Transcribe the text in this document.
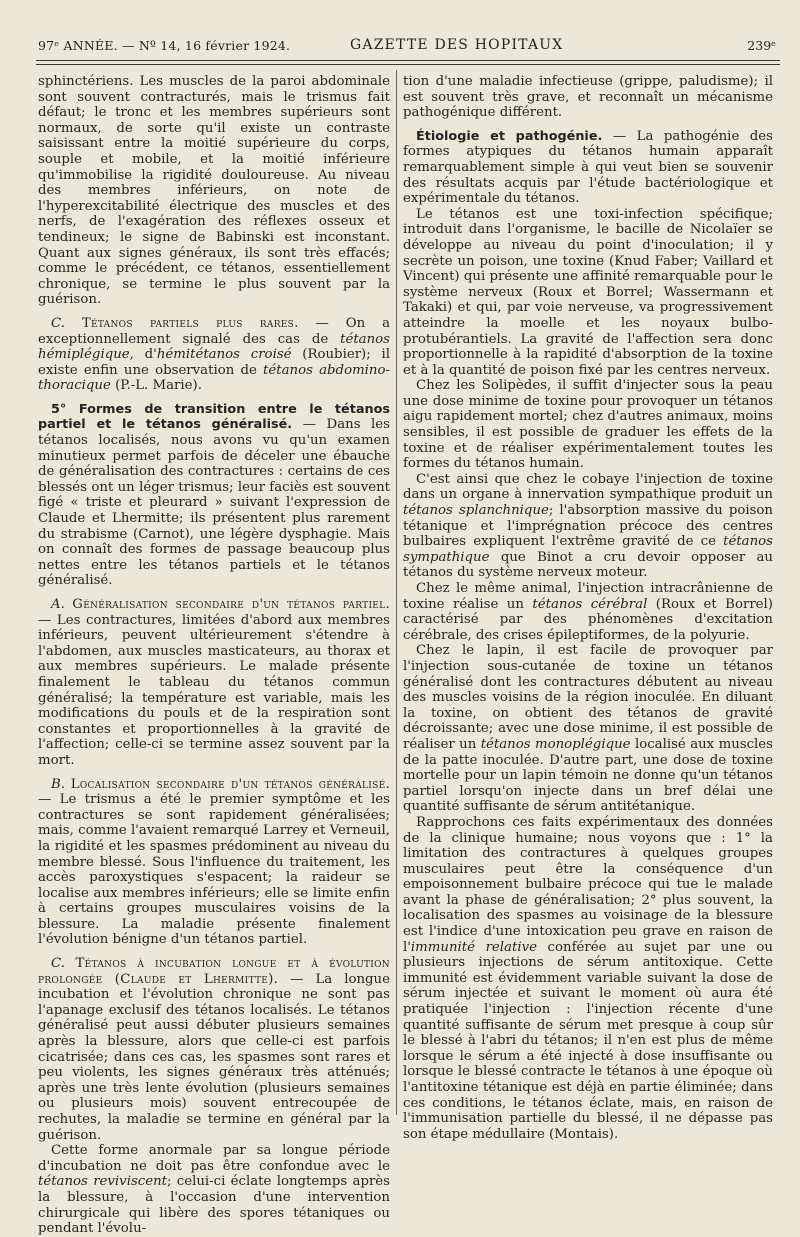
97ᵉ ANNÉE. — Nº 14, 16 février 1924.	GAZETTE DES HOPITAUX	239ᵉ

sphinctériens. Les muscles de la paroi abdominale sont souvent contracturés, mais le trismus fait défaut; le tronc et les membres supérieurs sont normaux, de sorte qu'il existe un contraste saisissant entre la moitié supérieure du corps, souple et mobile, et la moitié inférieure qu'immobilise la rigidité douloureuse. Au niveau des membres inférieurs, on note de l'hyperexcitabilité électrique des muscles et des nerfs, de l'exagération des réflexes osseux et tendineux; le signe de Babinski est inconstant. Quant aux signes généraux, ils sont très effacés; comme le précédent, ce tétanos, essentiellement chronique, se termine le plus souvent par la guérison.

C. Tétanos partiels plus rares. — On a exceptionnellement signalé des cas de tétanos hémiplégique, d'hémitétanos croisé (Roubier); il existe enfin une observation de tétanos abdomino-thoracique (P.-L. Marie).

5° Formes de transition entre le tétanos partiel et le tétanos généralisé. — Dans les tétanos localisés, nous avons vu qu'un examen minutieux permet parfois de déceler une ébauche de généralisation des contractures : certains de ces blessés ont un léger trismus; leur faciès est souvent figé « triste et pleurard » suivant l'expression de Claude et Lhermitte; ils présentent plus rarement du strabisme (Carnot), une légère dysphagie. Mais on connaît des formes de passage beaucoup plus nettes entre les tétanos partiels et le tétanos généralisé.

A. Généralisation secondaire d'un tétanos partiel. — Les contractures, limitées d'abord aux membres inférieurs, peuvent ultérieurement s'étendre à l'abdomen, aux muscles masticateurs, au thorax et aux membres supérieurs. Le malade présente finalement le tableau du tétanos commun généralisé; la température est variable, mais les modifications du pouls et de la respiration sont constantes et proportionnelles à la gravité de l'affection; celle-ci se termine assez souvent par la mort.

B. Localisation secondaire d'un tétanos généralisé. — Le trismus a été le premier symptôme et les contractures se sont rapidement généralisées; mais, comme l'avaient remarqué Larrey et Verneuil, la rigidité et les spasmes prédominent au niveau du membre blessé. Sous l'influence du traitement, les accès paroxystiques s'espacent; la raideur se localise aux membres inférieurs; elle se limite enfin à certains groupes musculaires voisins de la blessure. La maladie présente finalement l'évolution bénigne d'un tétanos partiel.

C. Tétanos à incubation longue et à évolution prolongée (Claude et Lhermitte). — La longue incubation et l'évolution chronique ne sont pas l'apanage exclusif des tétanos localisés. Le tétanos généralisé peut aussi débuter plusieurs semaines après la blessure, alors que celle-ci est parfois cicatrisée; dans ces cas, les spasmes sont rares et peu violents, les signes généraux très atténués; après une très lente évolution (plusieurs semaines ou plusieurs mois) souvent entrecoupée de rechutes, la maladie se termine en général par la guérison.

Cette forme anormale par sa longue période d'incubation ne doit pas être confondue avec le tétanos reviviscent; celui-ci éclate longtemps après la blessure, à l'occasion d'une intervention chirurgicale qui libère des spores tétaniques ou pendant l'évolu-

tion d'une maladie infectieuse (grippe, paludisme); il est souvent très grave, et reconnaît un mécanisme pathogénique différent.

Étiologie et pathogénie. — La pathogénie des formes atypiques du tétanos humain apparaît remarquablement simple à qui veut bien se souvenir des résultats acquis par l'étude bactériologique et expérimentale du tétanos.

Le tétanos est une toxi-infection spécifique; introduit dans l'organisme, le bacille de Nicolaïer se développe au niveau du point d'inoculation; il y secrète un poison, une toxine (Knud Faber; Vaillard et Vincent) qui présente une affinité remarquable pour le système nerveux (Roux et Borrel; Wassermann et Takaki) et qui, par voie nerveuse, va progressivement atteindre la moelle et les noyaux bulbo-protubérantiels. La gravité de l'affection sera donc proportionnelle à la rapidité d'absorption de la toxine et à la quantité de poison fixé par les centres nerveux.

Chez les Solipèdes, il suffit d'injecter sous la peau une dose minime de toxine pour provoquer un tétanos aigu rapidement mortel; chez d'autres animaux, moins sensibles, il est possible de graduer les effets de la toxine et de réaliser expérimentalement toutes les formes du tétanos humain.

C'est ainsi que chez le cobaye l'injection de toxine dans un organe à innervation sympathique produit un tétanos splanchnique; l'absorption massive du poison tétanique et l'imprégnation précoce des centres bulbaires expliquent l'extrême gravité de ce tétanos sympathique que Binot a cru devoir opposer au tétanos du système nerveux moteur.

Chez le même animal, l'injection intracrânienne de toxine réalise un tétanos cérébral (Roux et Borrel) caractérisé par des phénomènes d'excitation cérébrale, des crises épileptiformes, de la polyurie.

Chez le lapin, il est facile de provoquer par l'injection sous-cutanée de toxine un tétanos généralisé dont les contractures débutent au niveau des muscles voisins de la région inoculée. En diluant la toxine, on obtient des tétanos de gravité décroissante; avec une dose minime, il est possible de réaliser un tétanos monoplégique localisé aux muscles de la patte inoculée. D'autre part, une dose de toxine mortelle pour un lapin témoin ne donne qu'un tétanos partiel lorsqu'on injecte dans un bref délai une quantité suffisante de sérum antitétanique.

Rapprochons ces faits expérimentaux des données de la clinique humaine; nous voyons que : 1° la limitation des contractures à quelques groupes musculaires peut être la conséquence d'un empoisonnement bulbaire précoce qui tue le malade avant la phase de généralisation; 2° plus souvent, la localisation des spasmes au voisinage de la blessure est l'indice d'une intoxication peu grave en raison de l'immunité relative conférée au sujet par une ou plusieurs injections de sérum antitoxique. Cette immunité est évidemment variable suivant la dose de sérum injectée et suivant le moment où aura été pratiquée l'injection : l'injection récente d'une quantité suffisante de sérum met presque à coup sûr le blessé à l'abri du tétanos; il n'en est plus de même lorsque le sérum a été injecté à dose insuffisante ou lorsque le blessé contracte le tétanos à une époque où l'antitoxine tétanique est déjà en partie éliminée; dans ces conditions, le tétanos éclate, mais, en raison de l'immunisation partielle du blessé, il ne dépasse pas son étape médullaire (Montais).
